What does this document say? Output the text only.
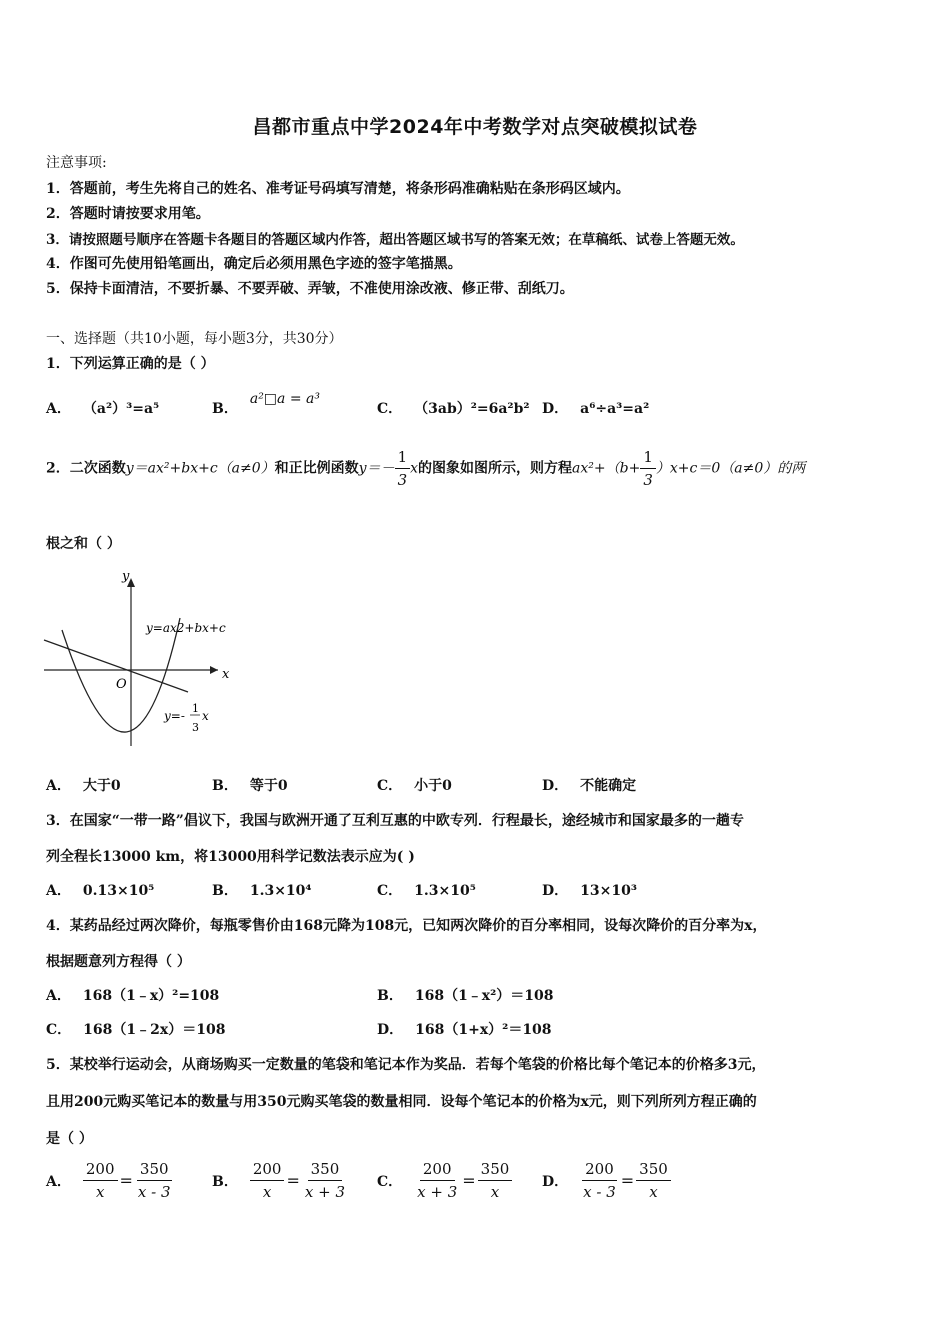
昌都市重点中学2024年中考数学对点突破模拟试卷
注意事项:
1．答题前，考生先将自己的姓名、准考证号码填写清楚，将条形码准确粘贴在条形码区域内。
2．答题时请按要求用笔。
3．请按照题号顺序在答题卡各题目的答题区域内作答，超出答题区域书写的答案无效；在草稿纸、试卷上答题无效。
4．作图可先使用铅笔画出，确定后必须用黑色字迹的签字笔描黑。
5．保持卡面清洁，不要折暴、不要弄破、弄皱，不准使用涂改液、修正带、刮纸刀。
一、选择题（共10小题，每小题3分，共30分）
1．下列运算正确的是（ ）
A． （a²）³=a⁵	B．a²□a = a³
C． （3ab）²=6a²b² D． a⁶÷a³=a²
2．二次函数y＝ax²+bx+c（a≠0）和正比例函数$y=- \frac{1}{3}$ x的图象如图所示，则方程$ax^2+(b+ \frac{1}{3} )x+c=0(a\ne 0)$的两
根之和（ ）
y
x
O
y=ax2+bx+c
y=-
1
3
x
A． 大于0	B． 等于0	C． 小于0	D． 不能确定
3．在国家“一带一路”倡议下，我国与欧洲开通了互利互惠的中欧专列．行程最长，途经城市和国家最多的一趟专
列全程长13000 km，将13000用科学记数法表示应为( )
A． 0.13×10⁵	B． 1.3×10⁴	C． 1.3×10⁵	D． 13×10³
4．某药品经过两次降价，每瓶零售价由168元降为108元，已知两次降价的百分率相同，设每次降价的百分率为x，
根据题意列方程得（ ）
A． 168（1﹣x）²=108	B． 168（1﹣x²）＝108
C． 168（1﹣2x）＝108	D． 168（1+x）²＝108
5．某校举行运动会，从商场购买一定数量的笔袋和笔记本作为奖品．若每个笔袋的价格比每个笔记本的价格多3元，
且用200元购买笔记本的数量与用350元购买笔袋的数量相同．设每个笔记本的价格为x元，则下列所列方程正确的
是（ ）
A． $\frac{200}{x} = \frac{350}{x - 3}$	B． $\frac{200}{x} = \frac{350}{x + 3}$ C． $\frac{200}{x + 3} = \frac{350}{x}$ D． $\frac{200}{x - 3} = \frac{350}{x}$
